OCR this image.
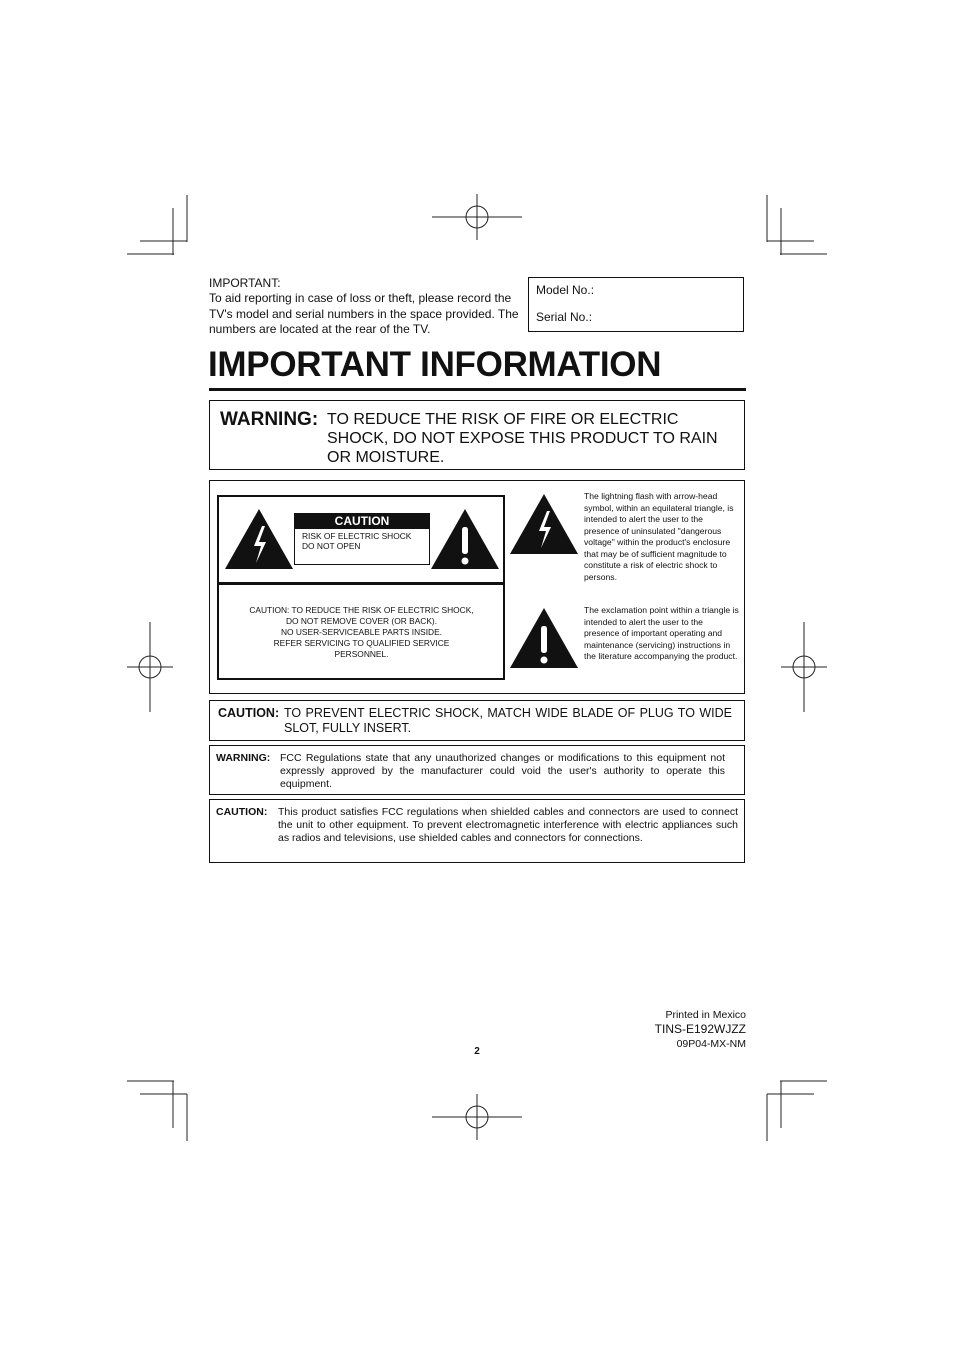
IMPORTANT:
To aid reporting in case of loss or theft, please record the TV's model and serial numbers in the space provided. The numbers are located at the rear of the TV.
Model No.:
Serial No.:
IMPORTANT INFORMATION
WARNING: TO REDUCE THE RISK OF FIRE OR ELECTRIC SHOCK, DO NOT EXPOSE THIS PRODUCT TO RAIN OR MOISTURE.
CAUTION
RISK OF ELECTRIC SHOCK
DO NOT OPEN
CAUTION: TO REDUCE THE RISK OF ELECTRIC SHOCK,
DO NOT REMOVE COVER (OR BACK).
NO USER-SERVICEABLE PARTS INSIDE.
REFER SERVICING TO QUALIFIED SERVICE
PERSONNEL.
The lightning flash with arrow-head symbol, within an equilateral triangle, is intended to alert the user to the presence of uninsulated "dangerous voltage" within the product's enclosure that may be of sufficient magnitude to constitute a risk of electric shock to persons.
The exclamation point within a triangle is intended to alert the user to the presence of important operating and maintenance (servicing) instructions in the literature accompanying the product.
CAUTION: TO PREVENT ELECTRIC SHOCK, MATCH WIDE BLADE OF PLUG TO WIDE SLOT, FULLY INSERT.
WARNING: FCC Regulations state that any unauthorized changes or modifications to this equipment not expressly approved by the manufacturer could void the user's authority to operate this equipment.
CAUTION: This product satisfies FCC regulations when shielded cables and connectors are used to connect the unit to other equipment. To prevent electromagnetic interference with electric appliances such as radios and televisions, use shielded cables and connectors for connections.
Printed in Mexico
TINS-E192WJZZ
09P04-MX-NM
2
